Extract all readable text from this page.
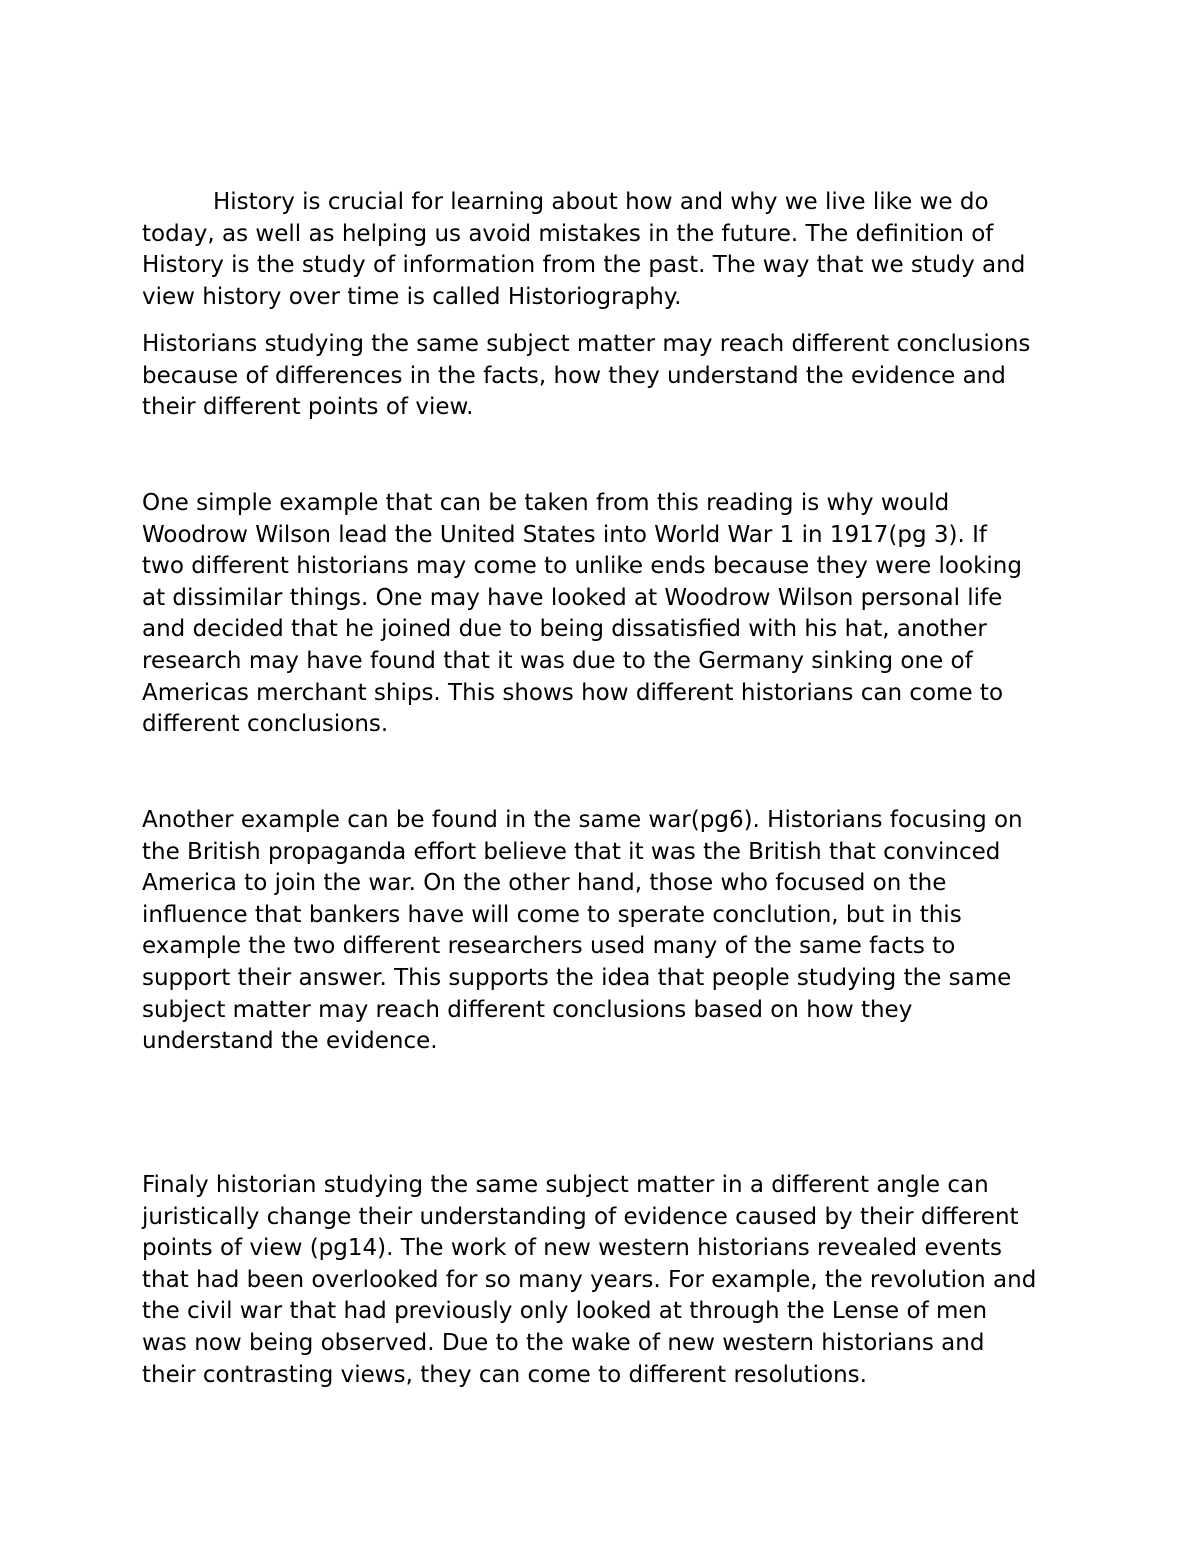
History is crucial for learning about how and why we live like we do
today, as well as helping us avoid mistakes in the future. The definition of
History is the study of information from the past. The way that we study and
view history over time is called Historiography.

Historians studying the same subject matter may reach different conclusions
because of differences in the facts, how they understand the evidence and
their different points of view.

One simple example that can be taken from this reading is why would
Woodrow Wilson lead the United States into World War 1 in 1917(pg 3). If
two different historians may come to unlike ends because they were looking
at dissimilar things. One may have looked at Woodrow Wilson personal life
and decided that he joined due to being dissatisfied with his hat, another
research may have found that it was due to the Germany sinking one of
Americas merchant ships. This shows how different historians can come to
different conclusions.

Another example can be found in the same war(pg6). Historians focusing on
the British propaganda effort believe that it was the British that convinced
America to join the war. On the other hand, those who focused on the
influence that bankers have will come to sperate conclution, but in this
example the two different researchers used many of the same facts to
support their answer. This supports the idea that people studying the same
subject matter may reach different conclusions based on how they
understand the evidence.

Finaly historian studying the same subject matter in a different angle can
juristically change their understanding of evidence caused by their different
points of view (pg14). The work of new western historians revealed events
that had been overlooked for so many years. For example, the revolution and
the civil war that had previously only looked at through the Lense of men
was now being observed. Due to the wake of new western historians and
their contrasting views, they can come to different resolutions.
